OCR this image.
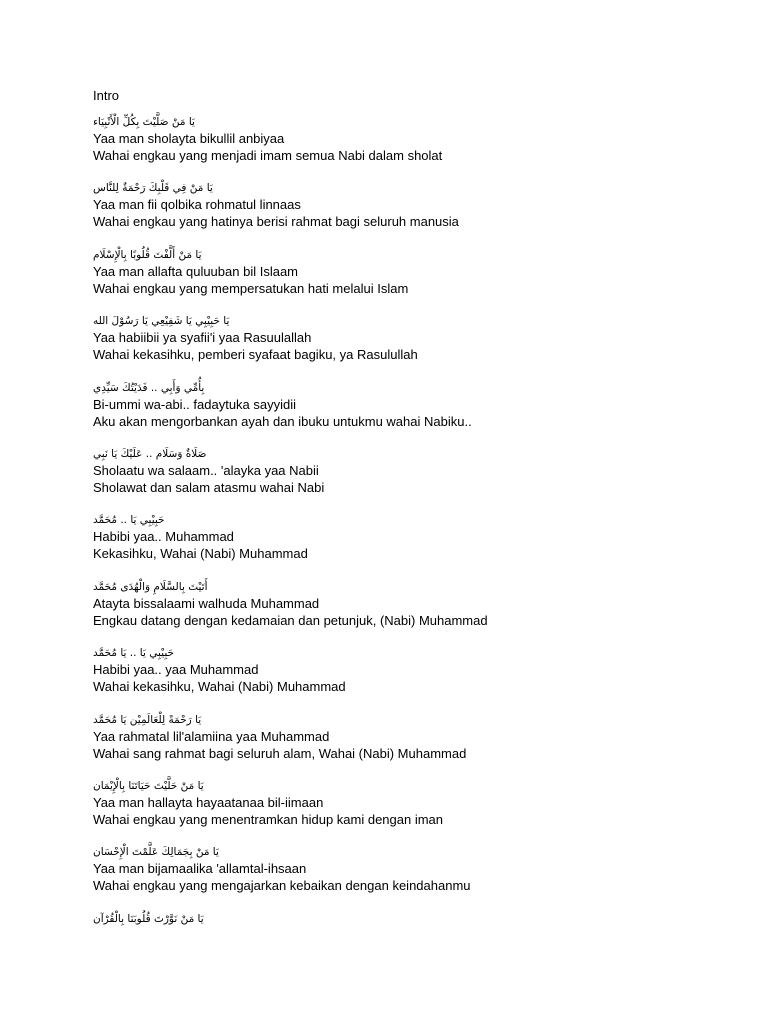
Intro
يَا مَنْ صَلَّيْتَ بِكُلِّ الْأَنْبِيَاء
Yaa man sholayta bikullil anbiyaa
Wahai engkau yang menjadi imam semua Nabi dalam sholat
يَا مَنْ فِي قَلْبِكَ رَحْمَةٌ لِلنَّاس
Yaa man fii qolbika rohmatul linnaas
Wahai engkau yang hatinya berisi rahmat bagi seluruh manusia
يَا مَنْ أَلَّفْتَ قُلُوبًا بِالْإِسْلَام
Yaa man allafta quluuban bil Islaam
Wahai engkau yang mempersatukan hati melalui Islam
يَا حَبِيْبِي يَا شَفِيْعِي يَا رَسُوْلَ الله
Yaa habiibii ya syafii'i yaa Rasuulallah
Wahai kekasihku, pemberi syafaat bagiku, ya Rasulullah
بِأُمِّي وَأَبِي .. فَدَيْتُكَ سَيِّدِي
Bi-ummi wa-abi.. fadaytuka sayyidii
Aku akan mengorbankan ayah dan ibuku untukmu wahai Nabiku..
صَلَاةٌ وَسَلَام .. عَلَيْكَ يَا نَبِي
Sholaatu wa salaam.. 'alayka yaa Nabii
Sholawat dan salam atasmu wahai Nabi
حَبِيْبِي يَا .. مُحَمَّد
Habibi yaa.. Muhammad
Kekasihku, Wahai (Nabi) Muhammad
أَتَيْتَ بِالسَّلَامِ وَالْهُدَى مُحَمَّد
Atayta bissalaami walhuda Muhammad
Engkau datang dengan kedamaian dan petunjuk, (Nabi) Muhammad
حَبِيْبِي يَا .. يَا مُحَمَّد
Habibi yaa.. yaa Muhammad
Wahai kekasihku, Wahai (Nabi) Muhammad
يَا رَحْمَةً لِلْعَالَمِيْن يَا مُحَمَّد
Yaa rahmatal lil'alamiina yaa Muhammad
Wahai sang rahmat bagi seluruh alam, Wahai (Nabi) Muhammad
يَا مَنْ حَلَّيْتَ حَيَاتَنَا بِالْإِيْمَان
Yaa man hallayta hayaatanaa bil-iimaan
Wahai engkau yang menentramkan hidup kami dengan iman
يَا مَنْ بِجَمَالِكَ عَلَّمْتَ الْإِحْسَان
Yaa man bijamaalika 'allamtal-ihsaan
Wahai engkau yang mengajarkan kebaikan dengan keindahanmu
يَا مَنْ نَوَّرْتَ قُلُوبَنَا بِالْقُرْآن
